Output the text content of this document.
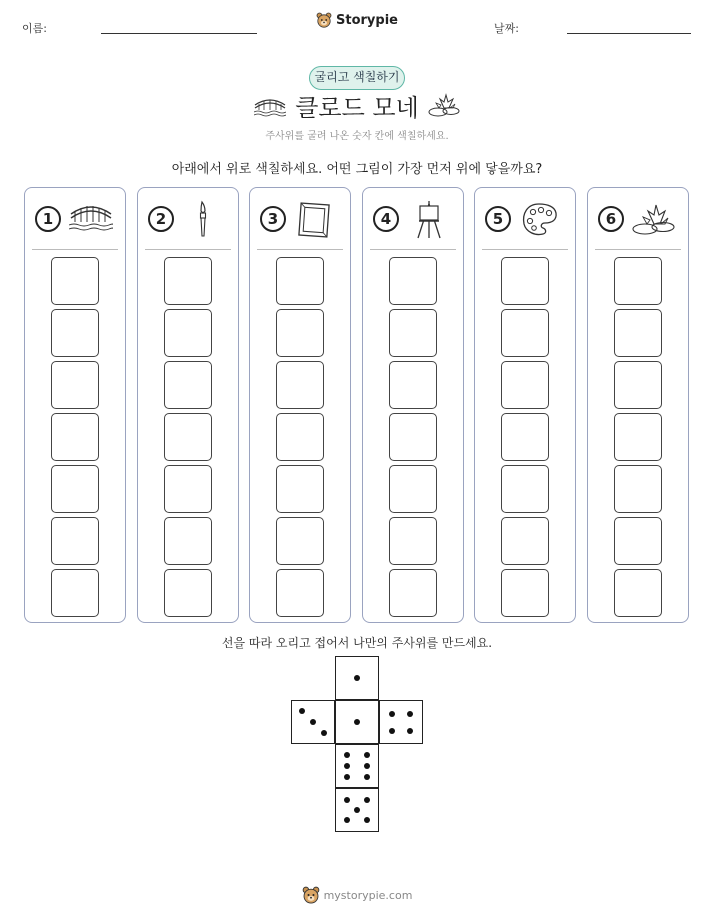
이름:
Storypie
날짜:
굴리고 색칠하기
클로드 모네
주사위를 굴려 나온 숫자 칸에 색칠하세요.
아래에서 위로 색칠하세요. 어떤 그림이 가장 먼저 위에 닿을까요?
1	2	3	4	5	6
선을 따라 오리고 접어서 나만의 주사위를 만드세요.
mystorypie.com
